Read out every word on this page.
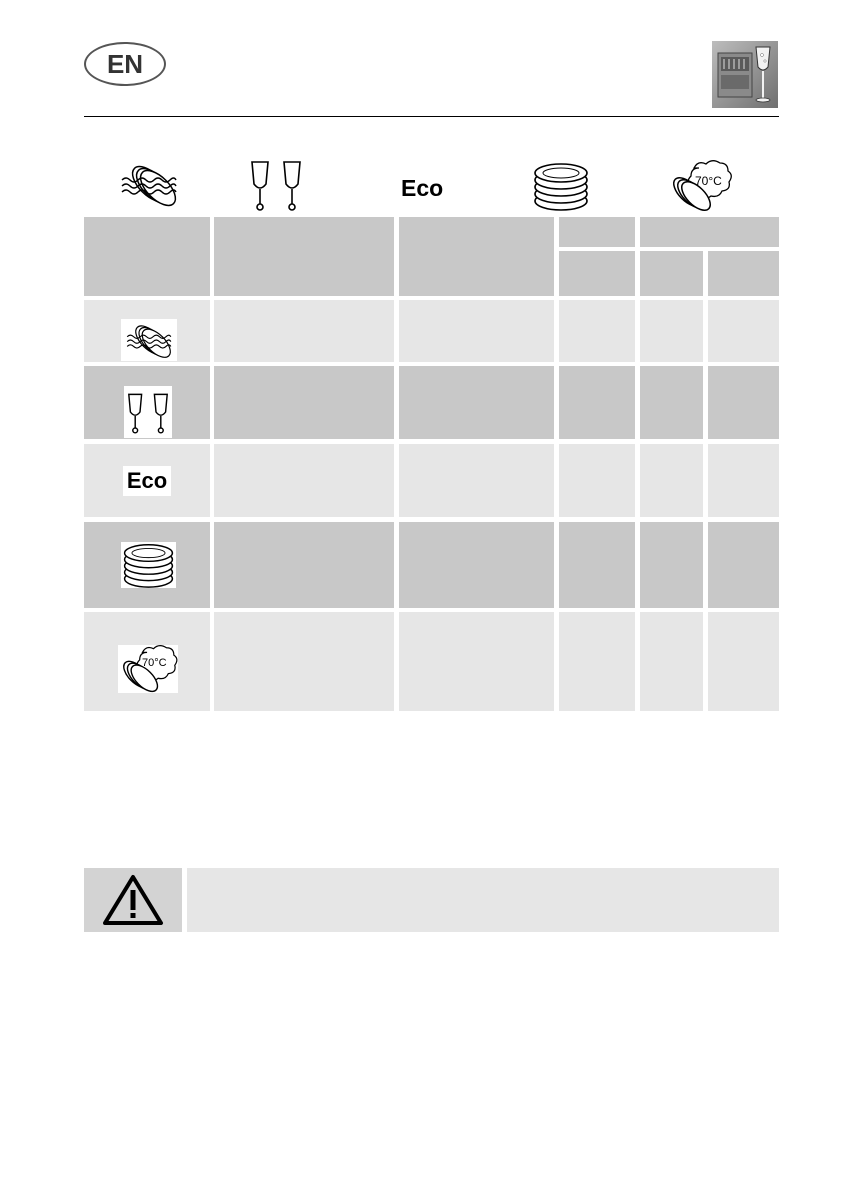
EN
Eco	70°C
Eco
70°C
